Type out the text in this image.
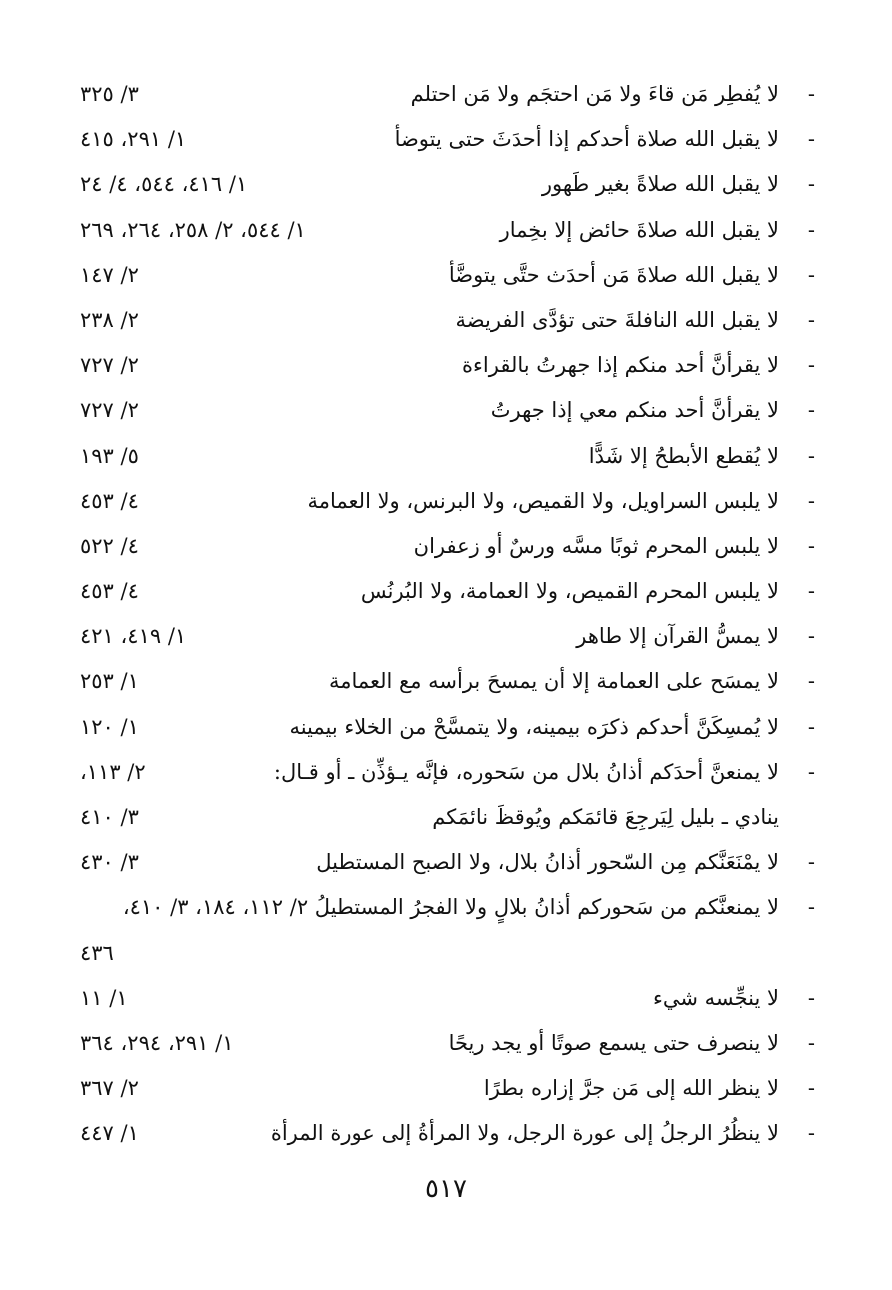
-
لا يُفطِر مَن قاءَ ولا مَن احتجَم ولا مَن احتلم
٣/ ٣٢٥
-
لا يقبل الله صلاة أحدكم إذا أحدَثَ حتى يتوضأ
١/ ٢٩١، ٤١٥
-
لا يقبل الله صلاةً بغير طَهور
١/ ٤١٦، ٥٤٤، ٤/ ٢٤
-
لا يقبل الله صلاةَ حائض إلا بخِمار
١/ ٥٤٤، ٢/ ٢٥٨، ٢٦٤، ٢٦٩
-
لا يقبل الله صلاةَ مَن أحدَث حتَّى يتوضَّأ
٢/ ١٤٧
-
لا يقبل الله النافلةَ حتى تؤدَّى الفريضة
٢/ ٢٣٨
-
لا يقرأنَّ أحد منكم إذا جهرتُ بالقراءة
٢/ ٧٢٧
-
لا يقرأنَّ أحد منكم معي إذا جهرتُ
٢/ ٧٢٧
-
لا يُقطع الأبطحُ إلا شَدًّا
٥/ ١٩٣
-
لا يلبس السراويل، ولا القميص، ولا البرنس، ولا العمامة
٤/ ٤٥٣
-
لا يلبس المحرم ثوبًا مسَّه ورسٌ أو زعفران
٤/ ٥٢٢
-
لا يلبس المحرم القميص، ولا العمامة، ولا البُرنُس
٤/ ٤٥٣
-
لا يمسُّ القرآن إلا طاهر
١/ ٤١٩، ٤٢١
-
لا يمسَح على العمامة إلا أن يمسحَ برأسه مع العمامة
١/ ٢٥٣
-
لا يُمسِكَنَّ أحدكم ذكرَه بيمينه، ولا يتمسَّحْ من الخلاء بيمينه
١/ ١٢٠
-
لا يمنعنَّ أحدَكم أذانُ بلال من سَحوره، فإنَّه يـؤذِّن ـ أو قـال:
٢/ ١١٣،
ينادي ـ بليل لِيَرجِعَ قائمَكم ويُوقظَ نائمَكم
٣/ ٤١٠
-
لا يمْنَعَنَّكم مِن السّحور أذانُ بلال، ولا الصبح المستطيل
٣/ ٤٣٠
-
لا يمنعنَّكم من سَحوركم أذانُ بلالٍ ولا الفجرُ المستطيلُ ٢/ ١١٢، ١٨٤، ٣/ ٤١٠،
٤٣٦
-
لا ينجِّسه شيء
١/ ١١
-
لا ينصرف حتى يسمع صوتًا أو يجد ريحًا
١/ ٢٩١، ٢٩٤، ٣٦٤
-
لا ينظر الله إلى مَن جرَّ إزاره بطرًا
٢/ ٣٦٧
-
لا ينظُرُ الرجلُ إلى عورة الرجل، ولا المرأةُ إلى عورة المرأة
١/ ٤٤٧
٥١٧
